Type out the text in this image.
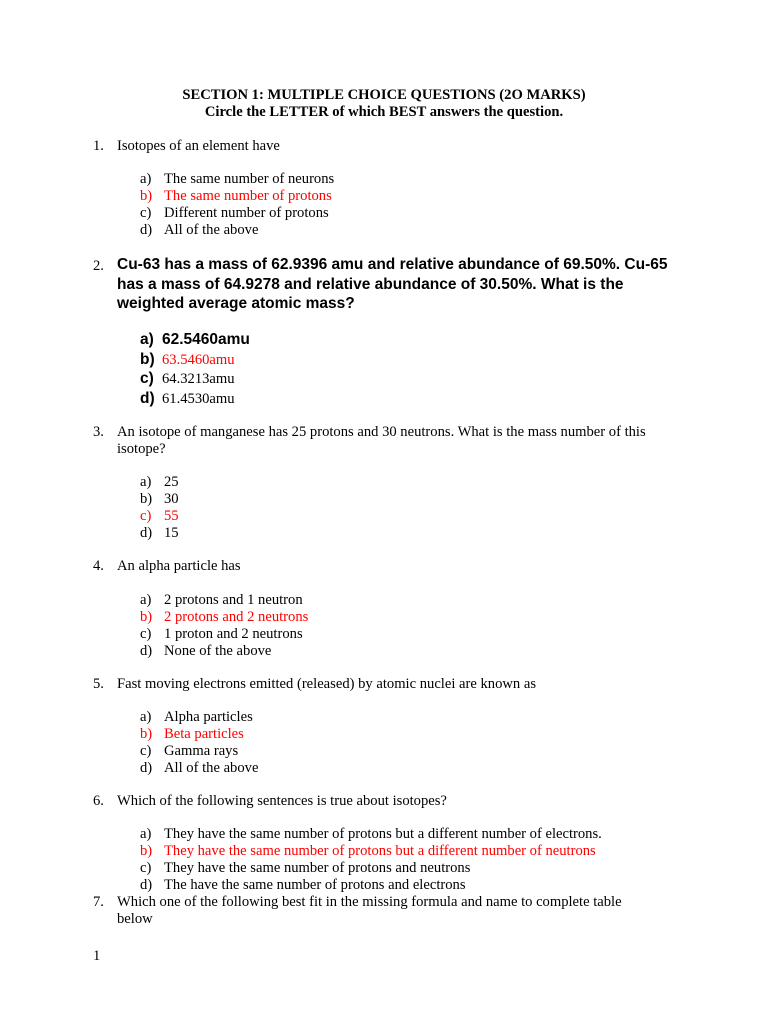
SECTION 1: MULTIPLE CHOICE QUESTIONS (2O MARKS)
Circle the LETTER of which BEST answers the question.
1. Isotopes of an element have
a) The same number of neurons
b) The same number of protons
c) Different number of protons
d) All of the above
2. Cu-63 has a mass of 62.9396 amu and relative abundance of 69.50%. Cu-65 has a mass of 64.9278 and relative abundance of 30.50%. What is the weighted average atomic mass?
a) 62.5460amu
b) 63.5460amu
c) 64.3213amu
d) 61.4530amu
3. An isotope of manganese has 25 protons and 30 neutrons. What is the mass number of this isotope?
a) 25
b) 30
c) 55
d) 15
4. An alpha particle has
a) 2 protons and 1 neutron
b) 2 protons and 2 neutrons
c) 1 proton and 2 neutrons
d) None of the above
5. Fast moving electrons emitted (released) by atomic nuclei are known as
a) Alpha particles
b) Beta particles
c) Gamma rays
d) All of the above
6. Which of the following sentences is true about isotopes?
a) They have the same number of protons but a different number of electrons.
b) They have the same number of protons but a different number of neutrons
c) They have the same number of protons and neutrons
d) The have the same number of protons and electrons
7. Which one of the following best fit in the missing formula and name to complete table below
1
